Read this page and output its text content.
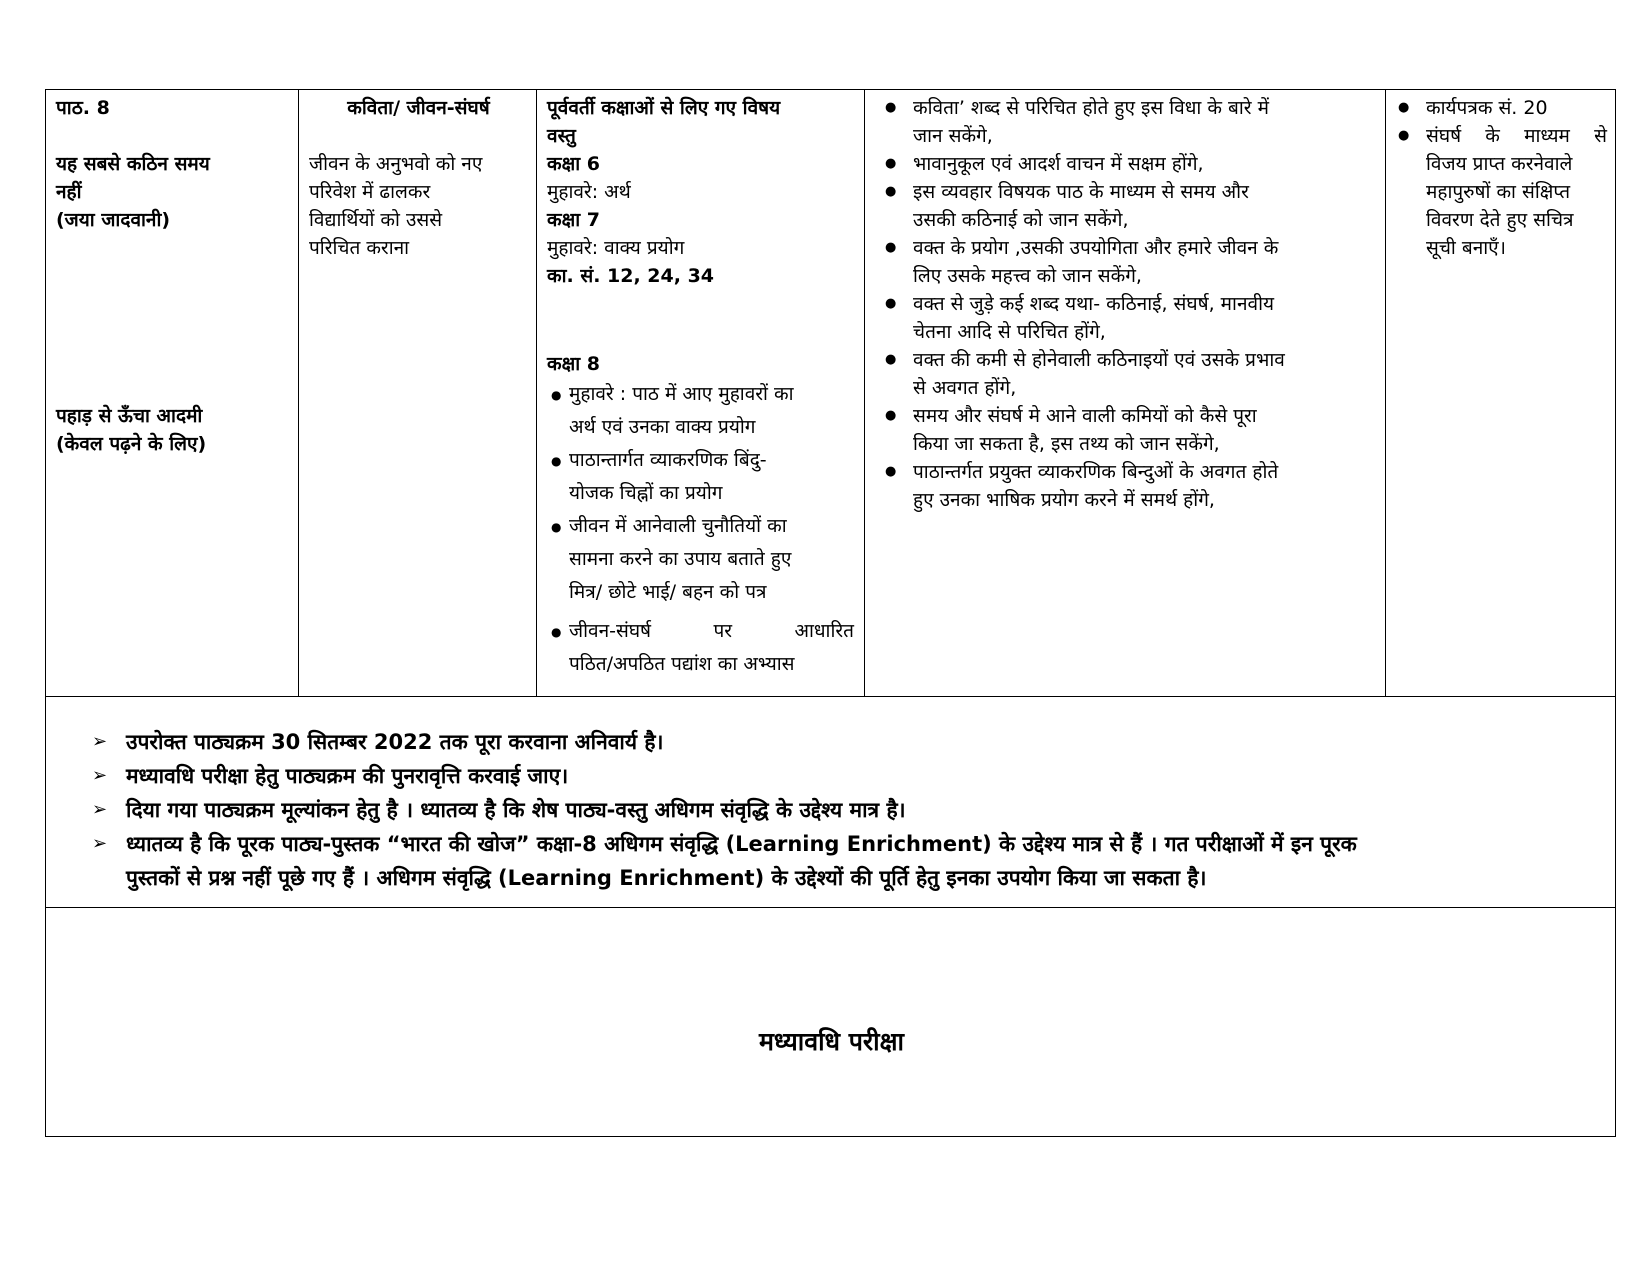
पाठ. 8
यह सबसे कठिन समय
नहीं
(जया जादवानी)
पहाड़ से ऊँचा आदमी
(केवल पढ़ने के लिए)

कविता/ जीवन-संघर्ष
जीवन के अनुभवो को नए
परिवेश में ढालकर
विद्यार्थियों को उससे
परिचित कराना

पूर्ववर्ती कक्षाओं से लिए गए विषय
वस्तु
कक्षा 6
मुहावरे: अर्थ
कक्षा 7
मुहावरे: वाक्य प्रयोग
का. सं. 12, 24, 34
कक्षा 8
● मुहावरे : पाठ में आए मुहावरों का
अर्थ एवं उनका वाक्य प्रयोग
● पाठान्तार्गत व्याकरणिक बिंदु-
योजक चिह्नों का प्रयोग
● जीवन में आनेवाली चुनौतियों का
सामना करने का उपाय बताते हुए
मित्र/ छोटे भाई/ बहन को पत्र
● जीवन-संघर्ष पर आधारित
पठित/अपठित पद्यांश का अभ्यास

● कविता’ शब्द से परिचित होते हुए इस विधा के बारे में
जान सकेंगे,
● भावानुकूल एवं आदर्श वाचन में सक्षम होंगे,
● इस व्यवहार विषयक पाठ के माध्यम से समय और
उसकी कठिनाई को जान सकेंगे,
● वक्त के प्रयोग ,उसकी उपयोगिता और हमारे जीवन के
लिए उसके महत्त्व को जान सकेंगे,
● वक्त से जुड़े कई शब्द यथा- कठिनाई, संघर्ष, मानवीय
चेतना आदि से परिचित होंगे,
● वक्त की कमी से होनेवाली कठिनाइयों एवं उसके प्रभाव
से अवगत होंगे,
● समय और संघर्ष मे आने वाली कमियों को कैसे पूरा
किया जा सकता है, इस तथ्य को जान सकेंगे,
● पाठान्तर्गत प्रयुक्त व्याकरणिक बिन्दुओं के अवगत होते
हुए उनका भाषिक प्रयोग करने में समर्थ होंगे,

● कार्यपत्रक सं. 20
● संघर्ष के माध्यम से
विजय प्राप्त करनेवाले
महापुरुषों का संक्षिप्त
विवरण देते हुए सचित्र
सूची बनाएँ।

➢ उपरोक्त पाठ्यक्रम 30 सितम्बर 2022 तक पूरा करवाना अनिवार्य है।
➢ मध्यावधि परीक्षा हेतु पाठ्यक्रम की पुनरावृत्ति करवाई जाए।
➢ दिया गया पाठ्यक्रम मूल्यांकन हेतु है । ध्यातव्य है कि शेष पाठ्य-वस्तु अधिगम संवृद्धि के उद्देश्य मात्र है।
➢ ध्यातव्य है कि पूरक पाठ्य-पुस्तक “भारत की खोज” कक्षा-8 अधिगम संवृद्धि (Learning Enrichment) के उद्देश्य मात्र से हैं । गत परीक्षाओं में इन पूरक
पुस्तकों से प्रश्न नहीं पूछे गए हैं । अधिगम संवृद्धि (Learning Enrichment) के उद्देश्यों की पूर्ति हेतु इनका उपयोग किया जा सकता है।

मध्यावधि परीक्षा
